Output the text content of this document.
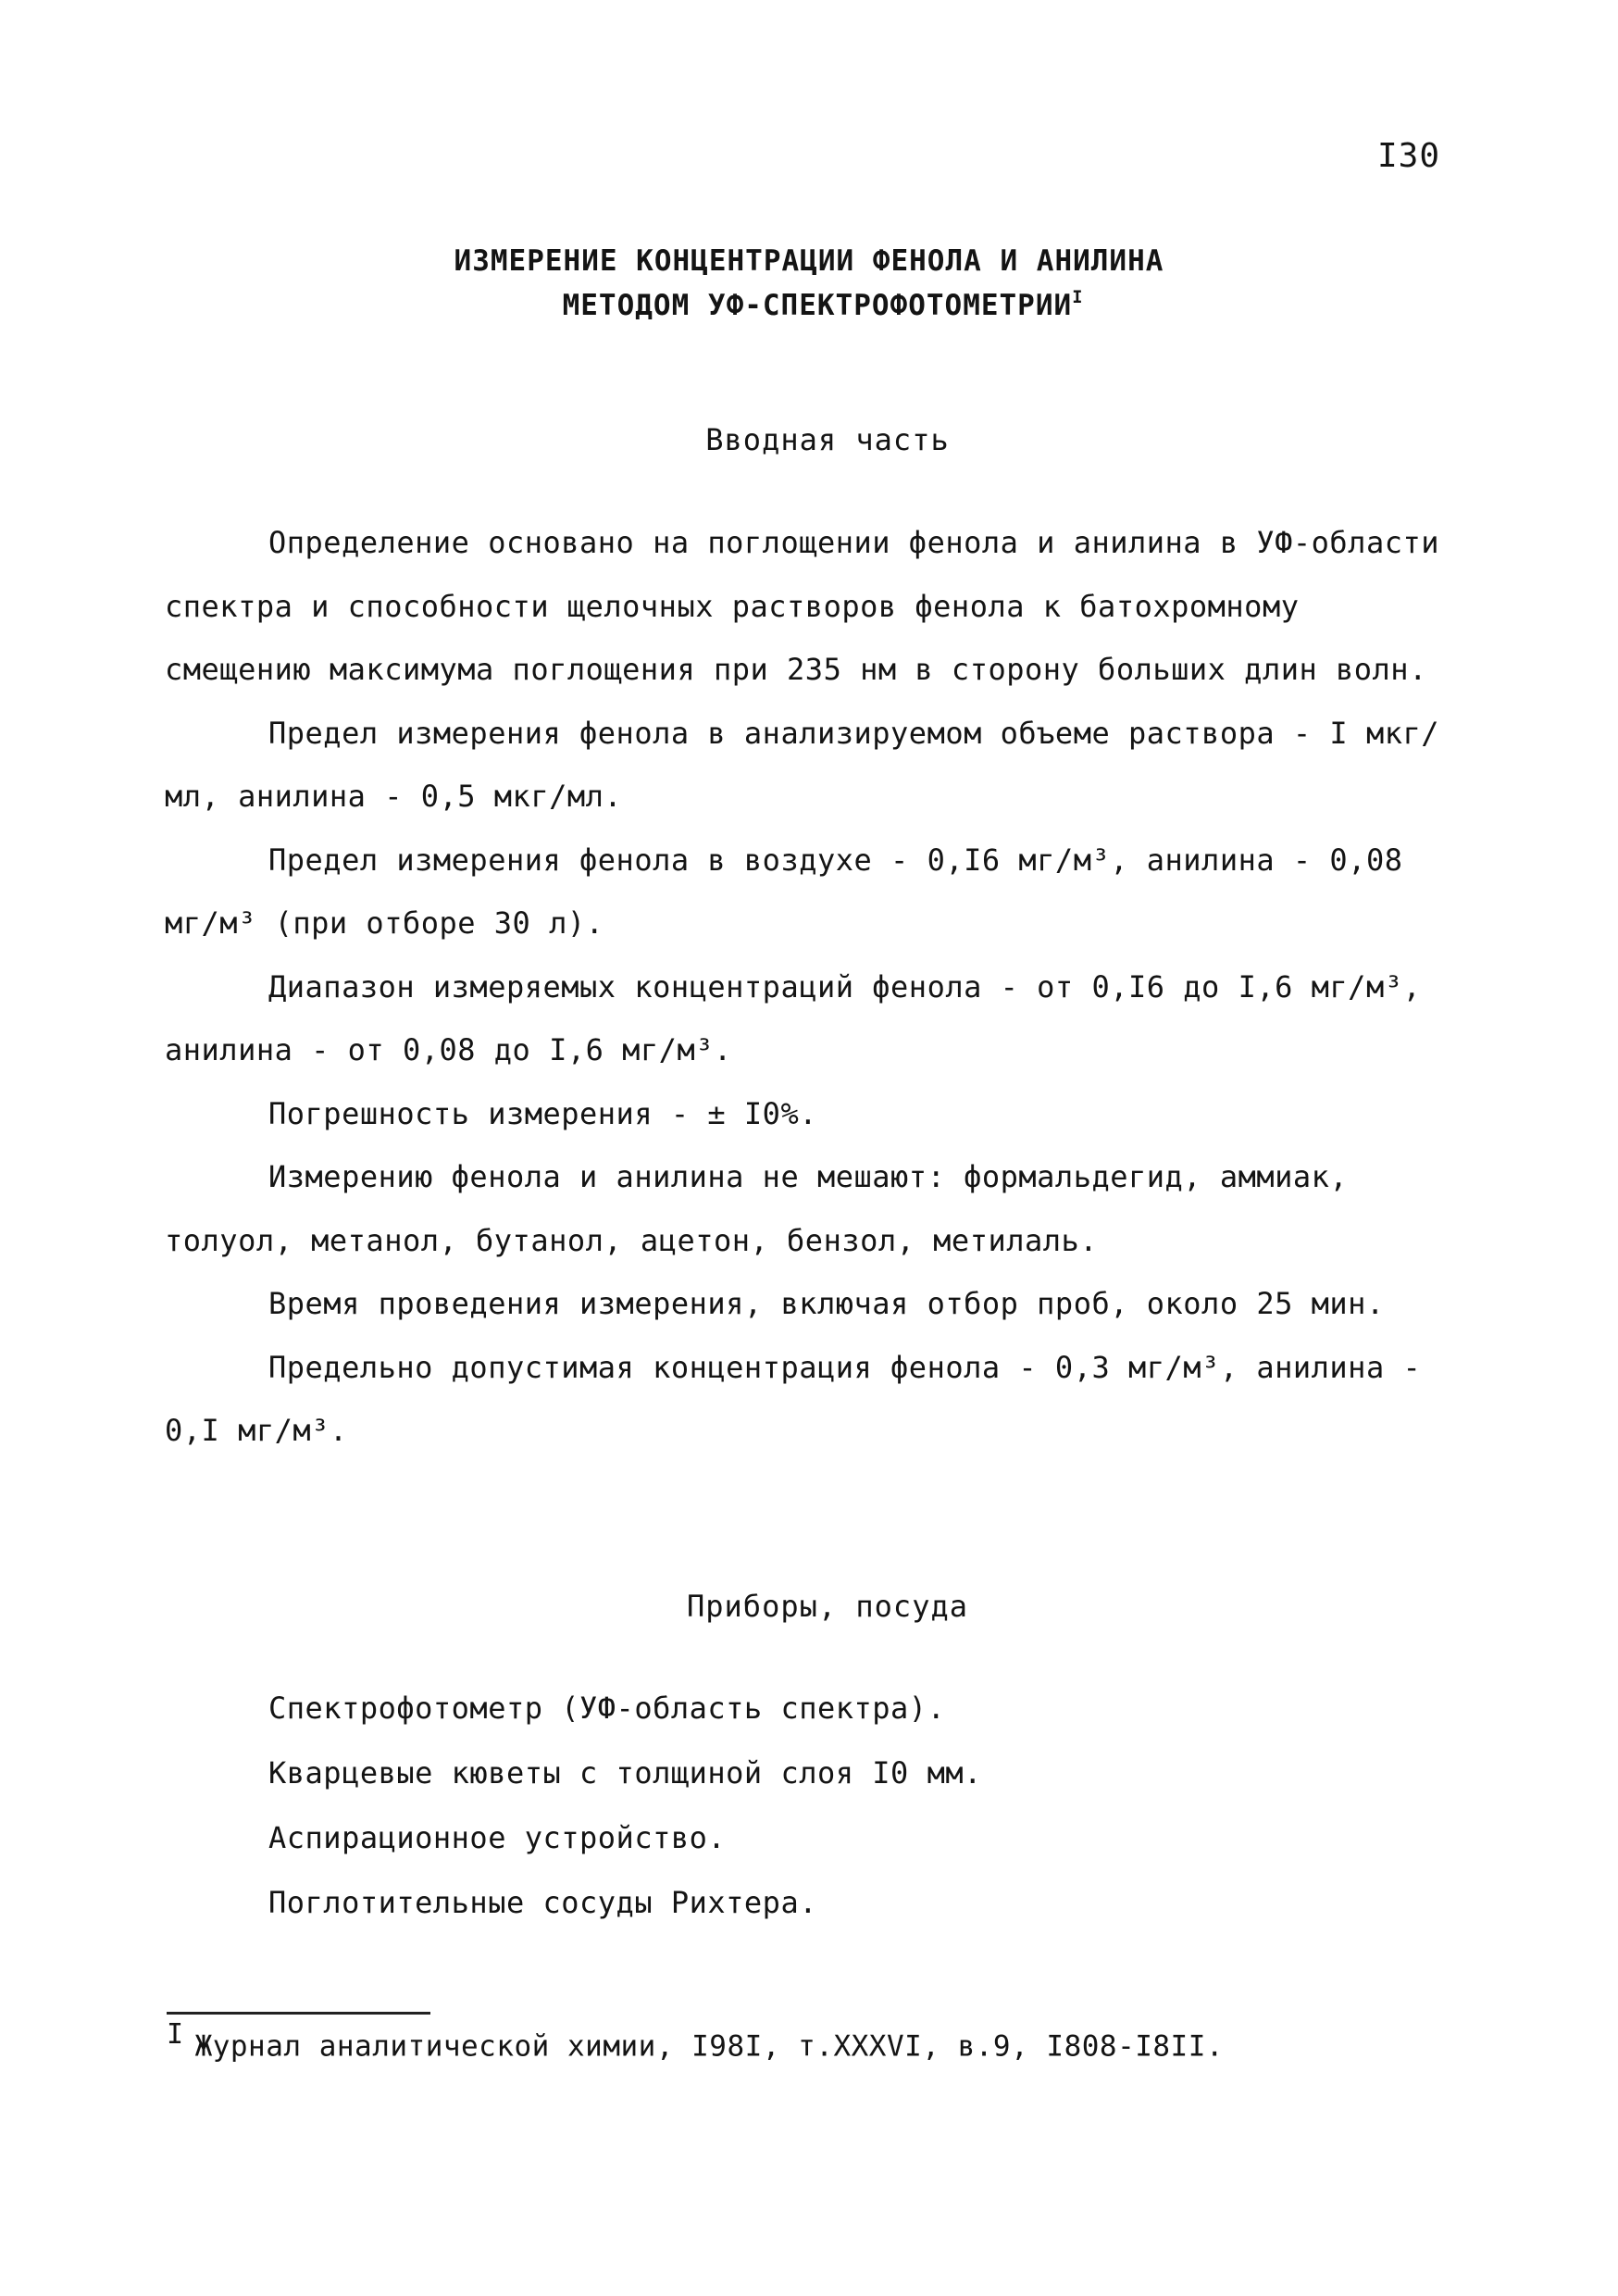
I30
ИЗМЕРЕНИЕ КОНЦЕНТРАЦИИ ФЕНОЛА И АНИЛИНА
МЕТОДОМ $УФ-СПЕКТРОФОТОМЕТРИИ^I$
Вводная часть

Определение основано на поглощении фенола и анилина в УФ-области спектра и способности щелочных растворов фенола к батохромному смещению максимума поглощения при 235 нм в сторону больших длин волн.

Предел измерения фенола в анализируемом объеме раствора - I мкг/мл, анилина - 0,5 мкг/мл.

Предел измерения фенола в воздухе - 0,I6 мг/м³, анилина - 0,08 мг/м³ (при отборе 30 л).

Диапазон измеряемых концентраций фенола - от 0,I6 до I,6 мг/м³, анилина - от 0,08 до I,6 мг/м³.

Погрешность измерения - ± I0%.

Измерению фенола и анилина не мешают: формальдегид, аммиак, толуол, метанол, бутанол, ацетон, бензол, метилаль.

Время проведения измерения, включая отбор проб, около 25 мин.

Предельно допустимая концентрация фенола - 0,3 мг/м³, анилина - 0,I мг/м³.

Приборы, посуда
Спектрофотометр (УФ-область спектра).
Кварцевые кюветы с толщиной слоя I0 мм.
Аспирационное устройство.
Поглотительные сосуды Рихтера.
I Журнал аналитической химии, I98I, т.XXXVI, в.9, I808-I8II.
